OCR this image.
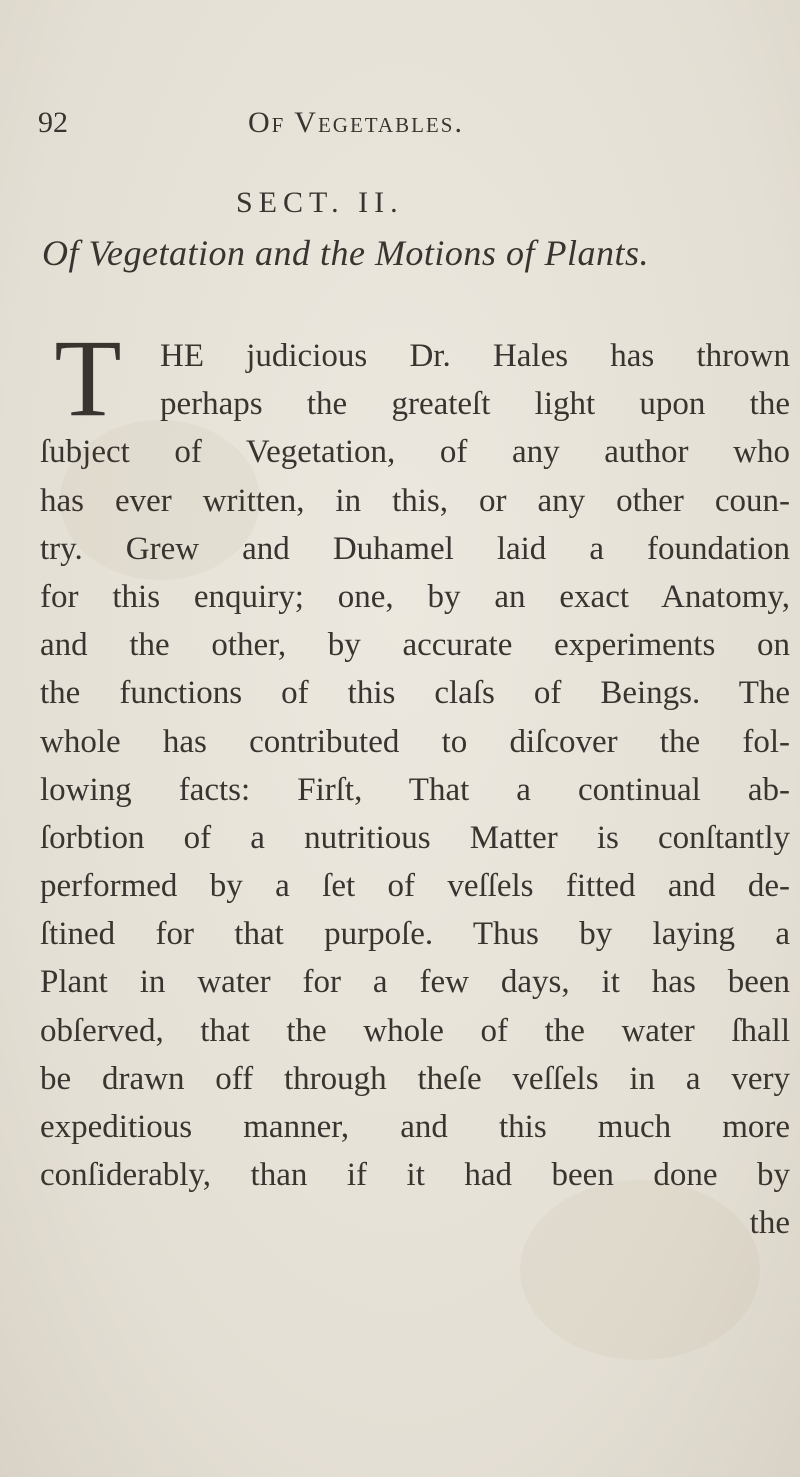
92	Of Vegetables.
SECT. II.
Of Vegetation and the Motions of Plants.
T	HE judicious Dr. Hales has thrown
perhaps the greateſt light upon the
ſubject of Vegetation, of any author who
has ever written, in this, or any other coun-
try. Grew and Duhamel laid a foundation
for this enquiry; one, by an exact Anatomy,
and the other, by accurate experiments on
the functions of this claſs of Beings. The
whole has contributed to diſcover the fol-
lowing facts: Firſt, That a continual ab-
ſorbtion of a nutritious Matter is conſtantly
performed by a ſet of veſſels fitted and de-
ſtined for that purpoſe. Thus by laying a
Plant in water for a few days, it has been
obſerved, that the whole of the water ſhall
be drawn off through theſe veſſels in a very
expeditious manner, and this much more
conſiderably, than if it had been done by
the
